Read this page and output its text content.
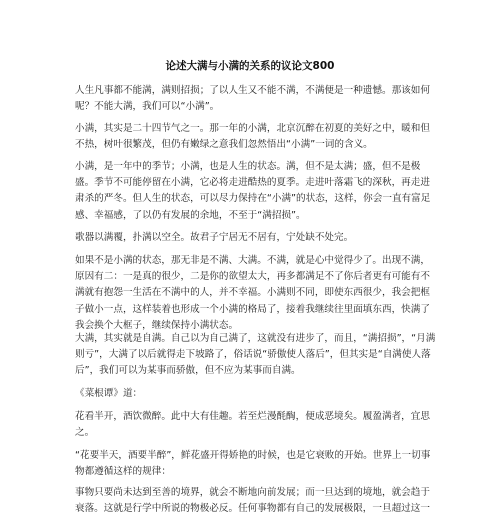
论述大满与小满的关系的议论文800

人生凡事都不能满，满则招损；了以人生又不能不满，不满便是一种遗憾。那该如何呢？不能大满，我们可以“小满”。

小满，其实是二十四节气之一。那一年的小满，北京沉醉在初夏的美好之中，暖和但不热，树叶很繁茂，但仍有嫩绿之意我们忽然悟出“小满”一词的含义。

小满，是一年中的季节；小满，也是人生的状态。满，但不是太满；盛，但不是极盛。季节不可能停留在小满，它必将走进酷热的夏季。走进叶落霜飞的深秋，再走进肃杀的严冬。但人生的状态，可以尽力保持在“小满”的状态，这样，你会一直有富足感、幸福感，了以仍有发展的余地，不至于“满招损”。

歌器以满覆，扑满以空全。故君子宁居无不居有，宁处缺不处完。

如果不是小满的状态，那无非是不满、大满。不满，就是心中觉得少了。出现不满，原因有二：一是真的很少，二是你的欲望太大，再多都满足不了你后者更有可能有不满就有抱怨一生活在不满中的人，并不幸福。小满则不同，即使东西很少，我会把框子做小一点，这样装着也形成一个小满的格局了，接着我继续往里面填东西，快满了我会换个大框子，继续保持小满状态。

大满，其实就是自满。自己以为自己满了，这就没有进步了，而且，“满招损”，“月满则亏”，大满了以后就得走下坡路了，俗话说“骄傲使人落后”，但其实是“自满使人落后”，我们可以为某事而骄傲，但不应为某事而自满。

《菜根谭》道：

花看半开，酒饮微醉。此中大有佳趣。若至烂漫酕醄，便成恶境矣。履盈满者，宜思之。

“花要半天，酒要半醉”，鲜花盛开得娇艳的时候，也是它衰败的开始。世界上一切事物都遵循这样的规律：

事物只要尚未达到至善的境界，就会不断地向前发展；而一旦达到的境地，就会趋于衰落。这就是行学中所说的物极必反。任何事物都有自己的发展极限，一旦超过这一
